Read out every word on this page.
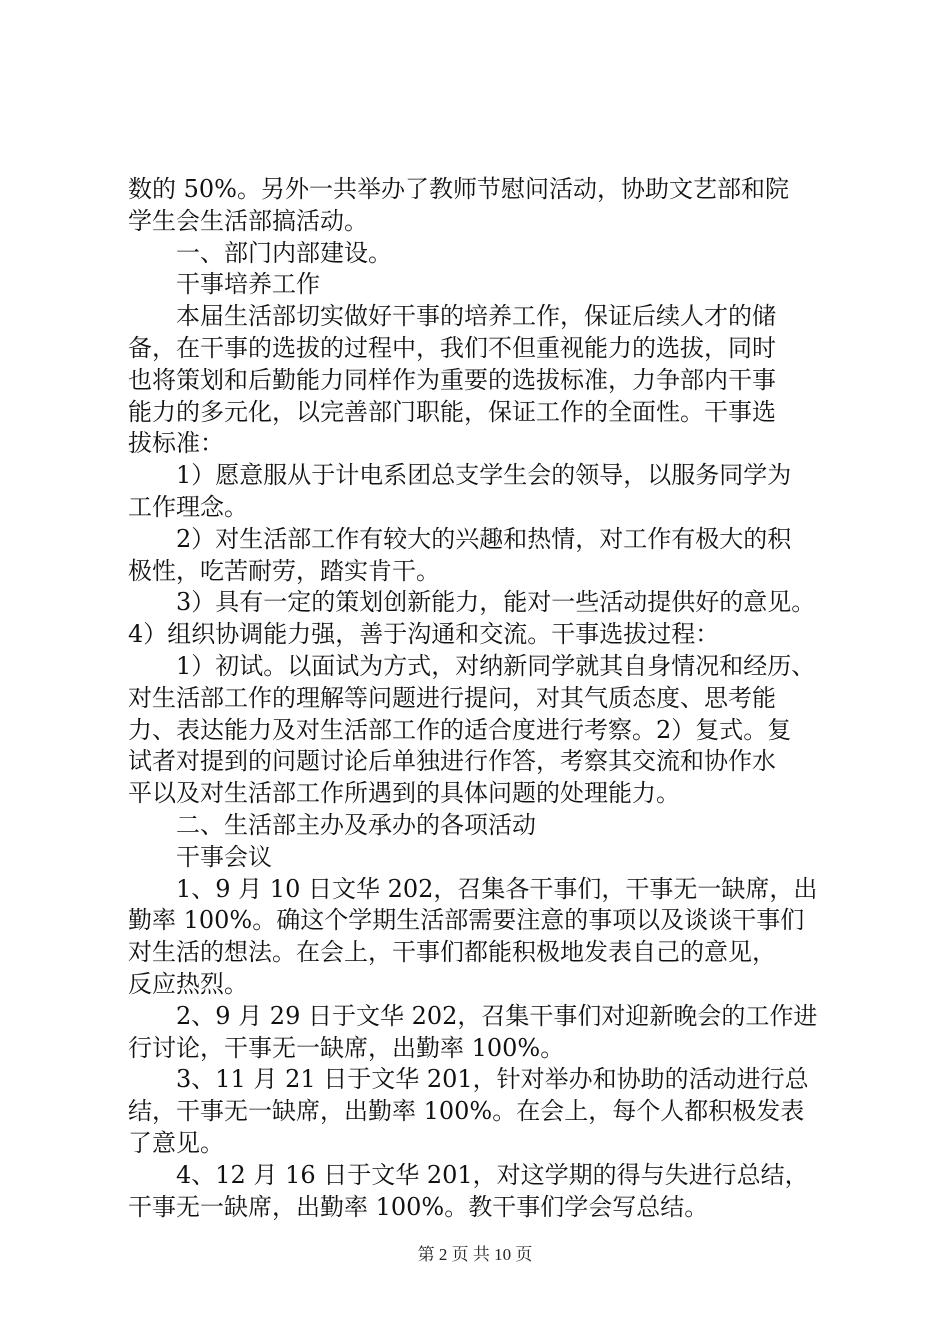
数的 50%。另外一共举办了教师节慰问活动，协助文艺部和院
学生会生活部搞活动。
一、部门内部建设。
干事培养工作
本届生活部切实做好干事的培养工作，保证后续人才的储
备，在干事的选拔的过程中，我们不但重视能力的选拔，同时
也将策划和后勤能力同样作为重要的选拔标准，力争部内干事
能力的多元化，以完善部门职能，保证工作的全面性。干事选
拔标准：
1）愿意服从于计电系团总支学生会的领导，以服务同学为
工作理念。
2）对生活部工作有较大的兴趣和热情，对工作有极大的积
极性，吃苦耐劳，踏实肯干。
3）具有一定的策划创新能力，能对一些活动提供好的意见。
4）组织协调能力强，善于沟通和交流。干事选拔过程：
1）初试。以面试为方式，对纳新同学就其自身情况和经历、
对生活部工作的理解等问题进行提问，对其气质态度、思考能
力、表达能力及对生活部工作的适合度进行考察。2）复式。复
试者对提到的问题讨论后单独进行作答，考察其交流和协作水
平以及对生活部工作所遇到的具体问题的处理能力。
二、生活部主办及承办的各项活动
干事会议
1、9 月 10 日文华 202，召集各干事们，干事无一缺席，出
勤率 100%。确这个学期生活部需要注意的事项以及谈谈干事们
对生活的想法。在会上，干事们都能积极地发表自己的意见，
反应热烈。
2、9 月 29 日于文华 202，召集干事们对迎新晚会的工作进
行讨论，干事无一缺席，出勤率 100%。
3、11 月 21 日于文华 201，针对举办和协助的活动进行总
结，干事无一缺席，出勤率 100%。在会上，每个人都积极发表
了意见。
4、12 月 16 日于文华 201，对这学期的得与失进行总结，
干事无一缺席，出勤率 100%。教干事们学会写总结。
第 2 页 共 10 页
